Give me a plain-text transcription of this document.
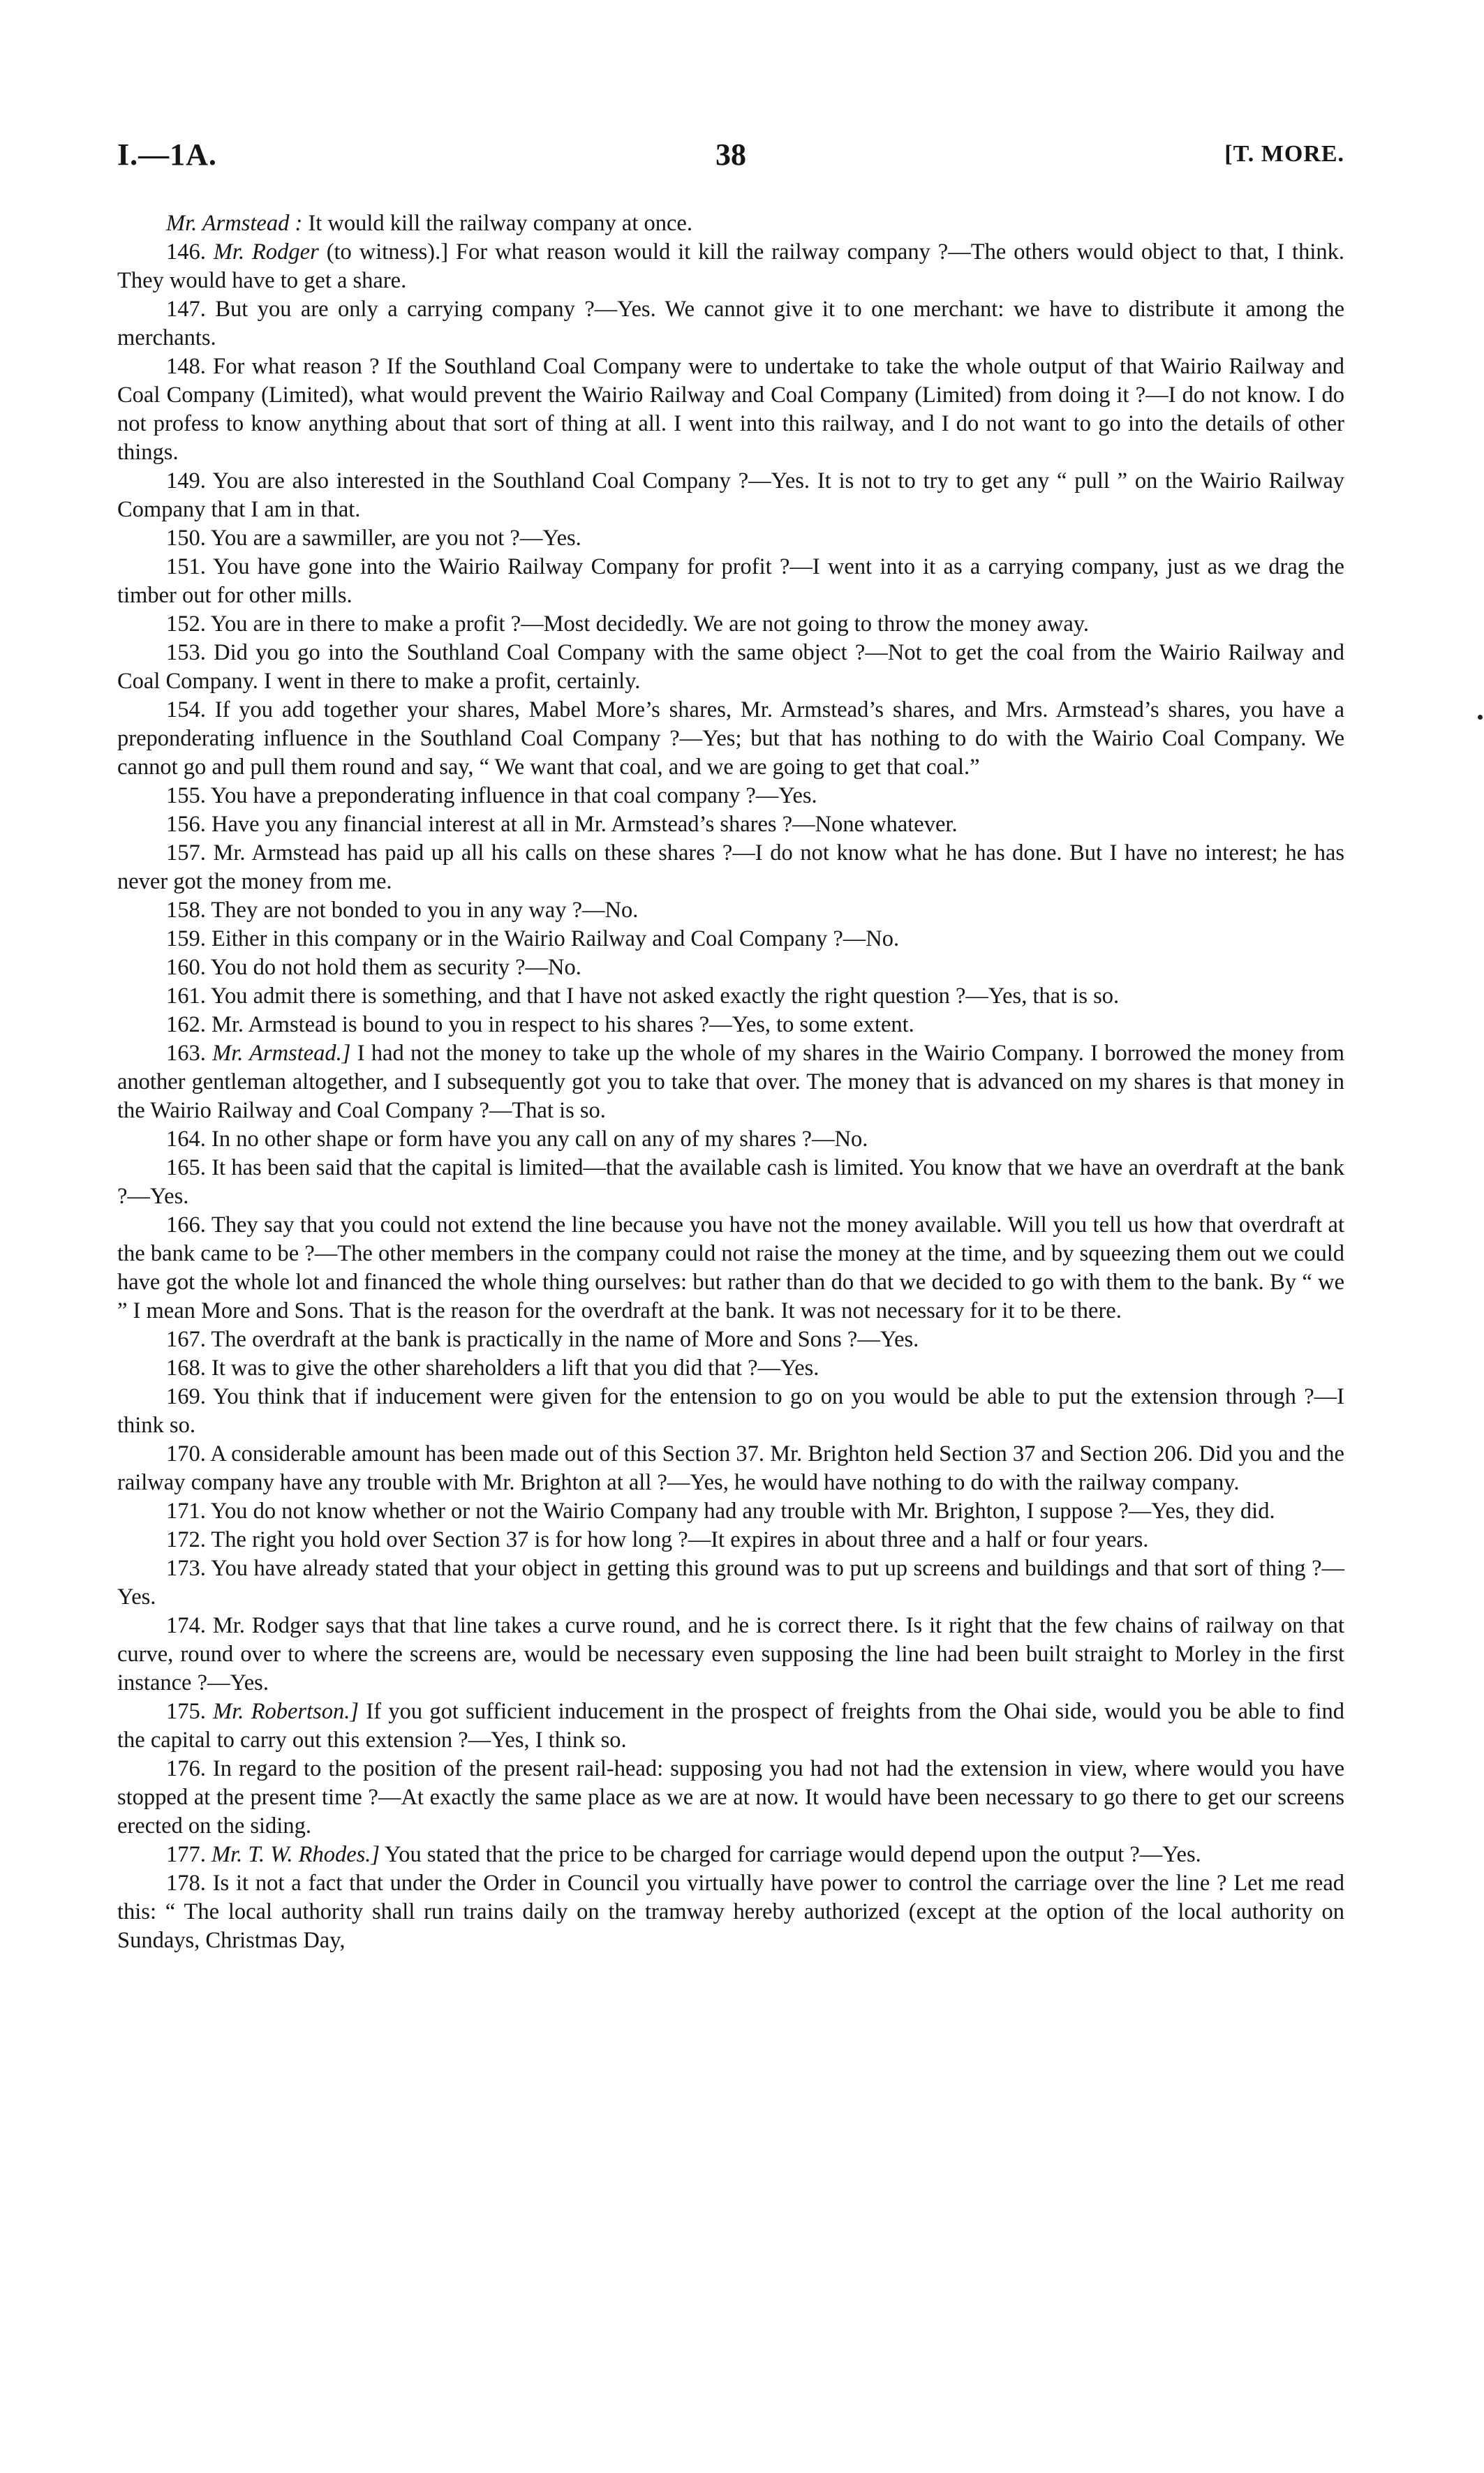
I.—1A.	38	[T. MORE.

Mr. Armstead : It would kill the railway company at once.

146. Mr. Rodger (to witness).] For what reason would it kill the railway company ?—The others would object to that, I think. They would have to get a share.

147. But you are only a carrying company ?—Yes. We cannot give it to one merchant: we have to distribute it among the merchants.

148. For what reason ? If the Southland Coal Company were to undertake to take the whole output of that Wairio Railway and Coal Company (Limited), what would prevent the Wairio Railway and Coal Company (Limited) from doing it ?—I do not know. I do not profess to know anything about that sort of thing at all. I went into this railway, and I do not want to go into the details of other things.

149. You are also interested in the Southland Coal Company ?—Yes. It is not to try to get any “ pull ” on the Wairio Railway Company that I am in that.

150. You are a sawmiller, are you not ?—Yes.

151. You have gone into the Wairio Railway Company for profit ?—I went into it as a carrying company, just as we drag the timber out for other mills.

152. You are in there to make a profit ?—Most decidedly. We are not going to throw the money away.

153. Did you go into the Southland Coal Company with the same object ?—Not to get the coal from the Wairio Railway and Coal Company. I went in there to make a profit, certainly.

154. If you add together your shares, Mabel More’s shares, Mr. Armstead’s shares, and Mrs. Armstead’s shares, you have a preponderating influence in the Southland Coal Company ?—Yes; but that has nothing to do with the Wairio Coal Company. We cannot go and pull them round and say, “ We want that coal, and we are going to get that coal.”

155. You have a preponderating influence in that coal company ?—Yes.

156. Have you any financial interest at all in Mr. Armstead’s shares ?—None whatever.

157. Mr. Armstead has paid up all his calls on these shares ?—I do not know what he has done. But I have no interest; he has never got the money from me.

158. They are not bonded to you in any way ?—No.

159. Either in this company or in the Wairio Railway and Coal Company ?—No.

160. You do not hold them as security ?—No.

161. You admit there is something, and that I have not asked exactly the right question ?—Yes, that is so.

162. Mr. Armstead is bound to you in respect to his shares ?—Yes, to some extent.

163. Mr. Armstead.] I had not the money to take up the whole of my shares in the Wairio Company. I borrowed the money from another gentleman altogether, and I subsequently got you to take that over. The money that is advanced on my shares is that money in the Wairio Railway and Coal Company ?—That is so.

164. In no other shape or form have you any call on any of my shares ?—No.

165. It has been said that the capital is limited—that the available cash is limited. You know that we have an overdraft at the bank ?—Yes.

166. They say that you could not extend the line because you have not the money available. Will you tell us how that overdraft at the bank came to be ?—The other members in the company could not raise the money at the time, and by squeezing them out we could have got the whole lot and financed the whole thing ourselves: but rather than do that we decided to go with them to the bank. By “ we ” I mean More and Sons. That is the reason for the overdraft at the bank. It was not necessary for it to be there.

167. The overdraft at the bank is practically in the name of More and Sons ?—Yes.

168. It was to give the other shareholders a lift that you did that ?—Yes.

169. You think that if inducement were given for the entension to go on you would be able to put the extension through ?—I think so.

170. A considerable amount has been made out of this Section 37. Mr. Brighton held Section 37 and Section 206. Did you and the railway company have any trouble with Mr. Brighton at all ?—Yes, he would have nothing to do with the railway company.

171. You do not know whether or not the Wairio Company had any trouble with Mr. Brighton, I suppose ?—Yes, they did.

172. The right you hold over Section 37 is for how long ?—It expires in about three and a half or four years.

173. You have already stated that your object in getting this ground was to put up screens and buildings and that sort of thing ?—Yes.

174. Mr. Rodger says that that line takes a curve round, and he is correct there. Is it right that the few chains of railway on that curve, round over to where the screens are, would be necessary even supposing the line had been built straight to Morley in the first instance ?—Yes.

175. Mr. Robertson.] If you got sufficient inducement in the prospect of freights from the Ohai side, would you be able to find the capital to carry out this extension ?—Yes, I think so.

176. In regard to the position of the present rail-head: supposing you had not had the extension in view, where would you have stopped at the present time ?—At exactly the same place as we are at now. It would have been necessary to go there to get our screens erected on the siding.

177. Mr. T. W. Rhodes.] You stated that the price to be charged for carriage would depend upon the output ?—Yes.

178. Is it not a fact that under the Order in Council you virtually have power to control the carriage over the line ? Let me read this: “ The local authority shall run trains daily on the tramway hereby authorized (except at the option of the local authority on Sundays, Christmas Day,
